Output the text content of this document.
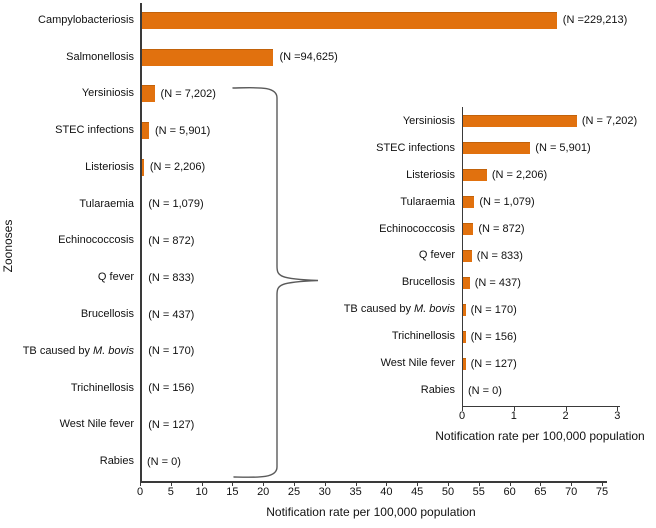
Zoonoses
Campylobacteriosis	(N =229,213)
Salmonellosis	(N =94,625)
Yersiniosis	(N = 7,202)
STEC infections	(N = 5,901)
Listeriosis	(N = 2,206)
Tularaemia	(N = 1,079)
Echinococcosis	(N = 872)
Q fever	(N = 833)
Brucellosis	(N = 437)
TB caused by M. bovis	(N = 170)
Trichinellosis	(N = 156)
West Nile fever	(N = 127)
Rabies	(N = 0)
0	5	10	15	20	25	30	35	40	45	50	55	60	65	70	75
Notification rate per 100,000 population
Yersiniosis	(N = 7,202)
STEC infections	(N = 5,901)
Listeriosis	(N = 2,206)
Tularaemia	(N = 1,079)
Echinococcosis	(N = 872)
Q fever	(N = 833)
Brucellosis	(N = 437)
TB caused by M. bovis	(N = 170)
Trichinellosis	(N = 156)
West Nile fever	(N = 127)
Rabies	(N = 0)
0	1	2	3
Notification rate per 100,000 population
